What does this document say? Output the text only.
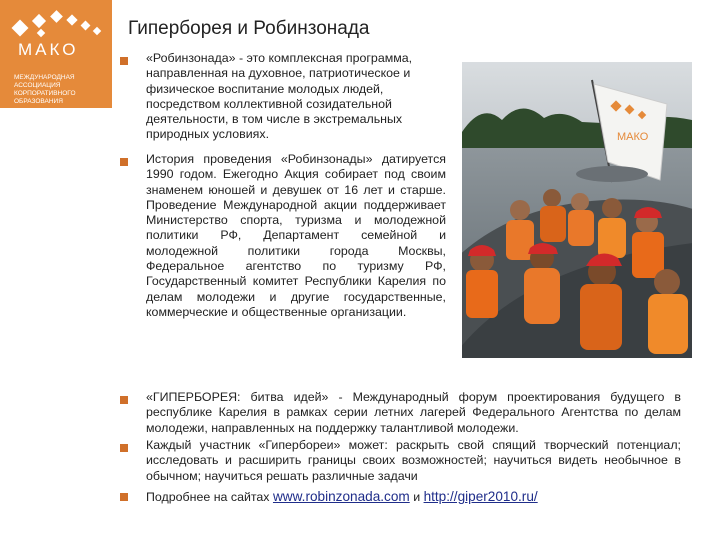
МАКО
МЕЖДУНАРОДНАЯ АССОЦИАЦИЯ КОРПОРАТИВНОГО ОБРАЗОВАНИЯ
Гиперборея и Робинзонада
«Робинзонада» - это комплексная программа, направленная на духовное, патриотическое и физическое воспитание молодых людей, посредством коллективной созидательной деятельности, в том числе в экстремальных природных условиях.
История проведения «Робинзонады» датируется 1990 годом. Ежегодно Акция собирает под своим знаменем юношей и девушек от 16 лет и старше. Проведение Международной акции поддерживает Министерство спорта, туризма и молодежной политики РФ, Департамент семейной и молодежной политики города Москвы, Федеральное агентство по туризму РФ, Государственный комитет Республики Карелия по делам молодежи и другие государственные, коммерческие и общественные организации.
МАКО
«ГИПЕРБОРЕЯ: битва идей» - Международный форум проектирования будущего в республике Карелия в рамках серии летних лагерей Федерального Агентства по делам молодежи, направленных на поддержку талантливой молодежи.
Каждый участник «Гипербореи» может: раскрыть свой спящий творческий потенциал; исследовать и расширить границы своих возможностей; научиться видеть необычное в обычном; научиться решать различные задачи
Подробнее на сайтах www.robinzonada.com и http://giper2010.ru/
